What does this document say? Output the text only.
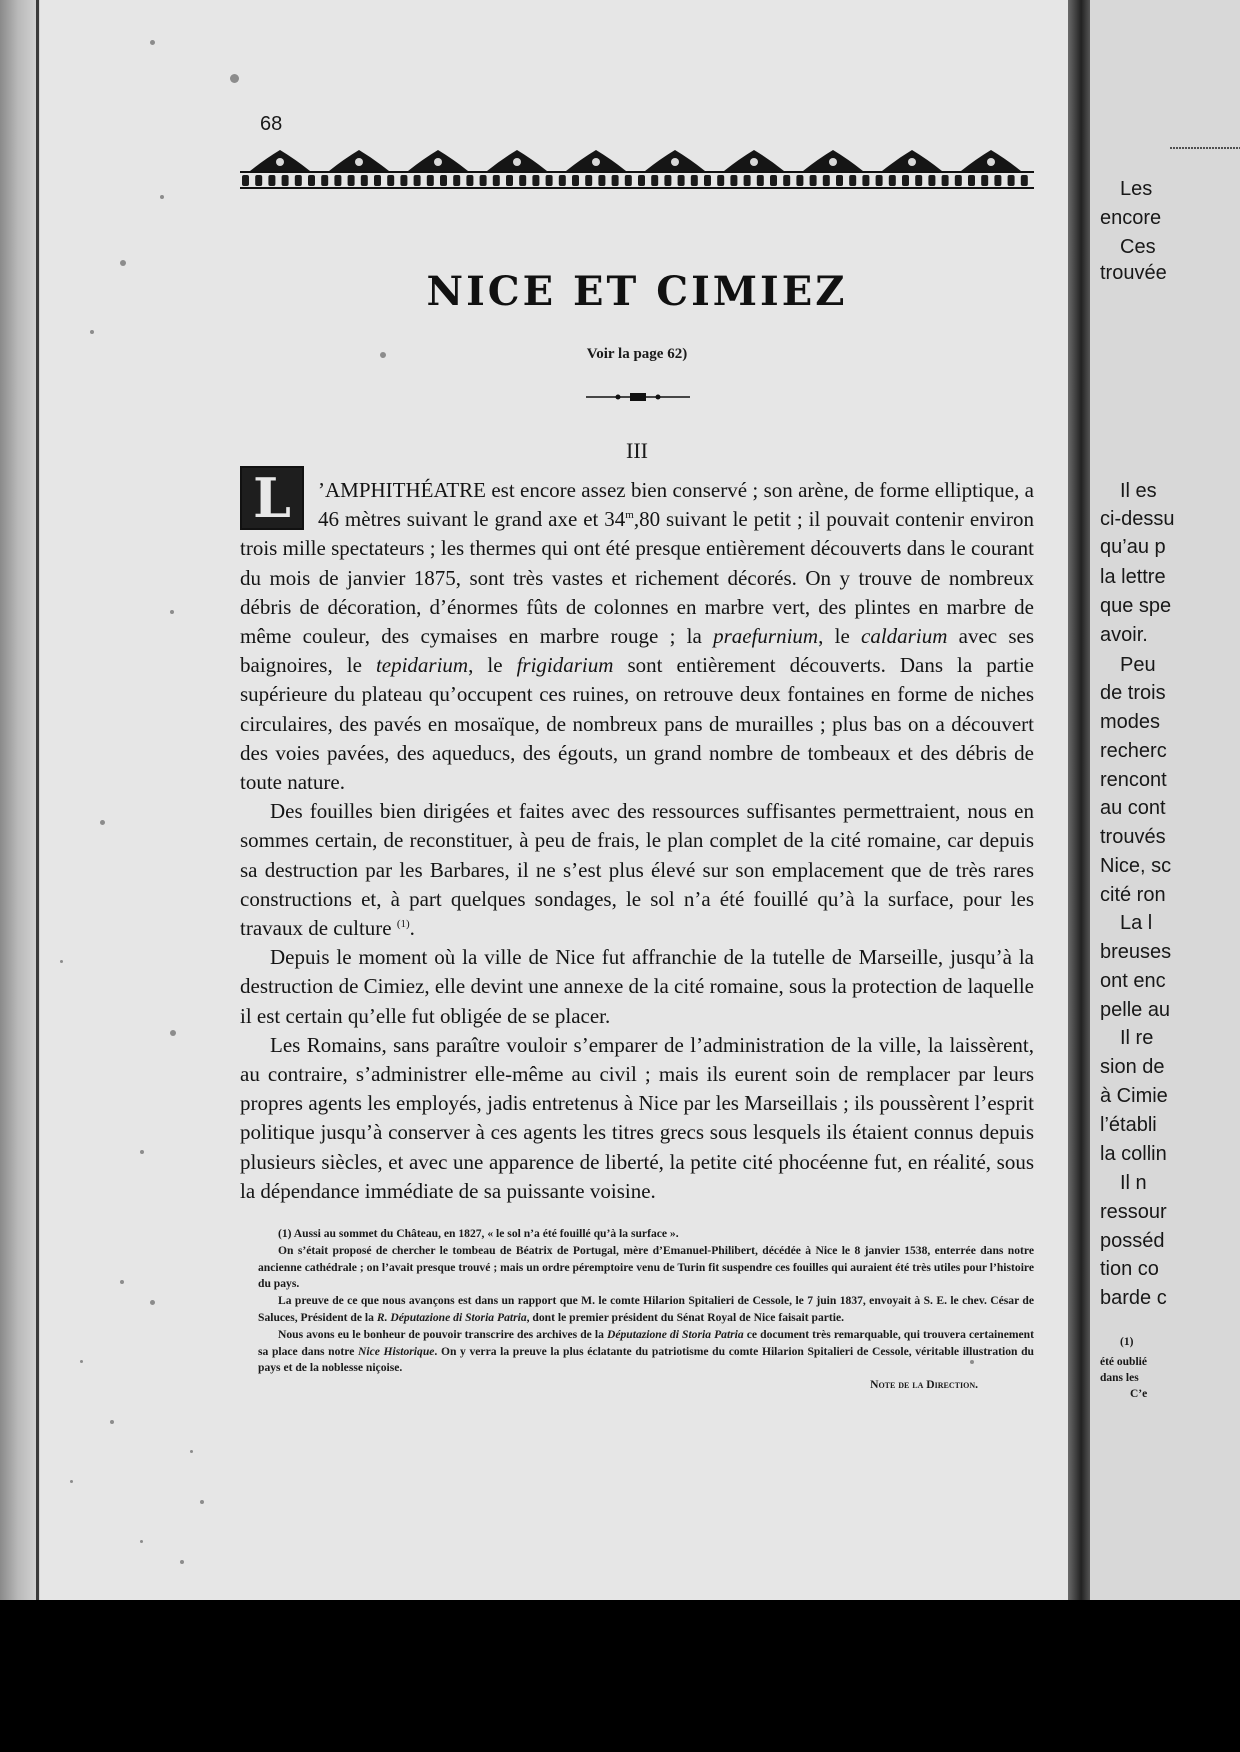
68
NICE ET CIMIEZ
Voir la page 62)
III
L	’AMPHITHÉATRE est encore assez bien conservé ; son arène, de forme elliptique, a 46 mètres suivant le grand axe et 34$^m$,80 suivant le petit ; il pouvait contenir environ trois mille spectateurs ; les thermes qui ont été presque entièrement découverts dans le courant du mois de janvier 1875, sont très vastes et richement décorés. On y trouve de nombreux débris de décoration, d’énormes fûts de colonnes en marbre vert, des plintes en marbre de même couleur, des cymaises en marbre rouge ; la praefurnium, le caldarium avec ses baignoires, le tepidarium, le frigidarium sont entièrement découverts. Dans la partie supérieure du plateau qu’occupent ces ruines, on retrouve deux fontaines en forme de niches circulaires, des pavés en mosaïque, de nombreux pans de murailles ; plus bas on a découvert des voies pavées, des aqueducs, des égouts, un grand nombre de tombeaux et des débris de toute nature.

Des fouilles bien dirigées et faites avec des ressources suffisantes permettraient, nous en sommes certain, de reconstituer, à peu de frais, le plan complet de la cité romaine, car depuis sa destruction par les Barbares, il ne s’est plus élevé sur son emplacement que de très rares constructions et, à part quelques sondages, le sol n’a été fouillé qu’à la surface, pour les travaux de culture $^{(1)}$.

Depuis le moment où la ville de Nice fut affranchie de la tutelle de Marseille, jusqu’à la destruction de Cimiez, elle devint une annexe de la cité romaine, sous la protection de laquelle il est certain qu’elle fut obligée de se placer.

Les Romains, sans paraître vouloir s’emparer de l’administration de la ville, la laissèrent, au contraire, s’administrer elle-même au civil ; mais ils eurent soin de remplacer par leurs propres agents les employés, jadis entretenus à Nice par les Marseillais ; ils poussèrent l’esprit politique jusqu’à conserver à ces agents les titres grecs sous lesquels ils étaient connus depuis plusieurs siècles, et avec une apparence de liberté, la petite cité phocéenne fut, en réalité, sous la dépendance immédiate de sa puissante voisine.

(1) Aussi au sommet du Château, en 1827, « le sol n’a été fouillé qu’à la surface ».

On s’était proposé de chercher le tombeau de Béatrix de Portugal, mère d’Emanuel-Philibert, décédée à Nice le 8 janvier 1538, enterrée dans notre ancienne cathédrale ; on l’avait presque trouvé ; mais un ordre péremptoire venu de Turin fit suspendre ces fouilles qui auraient été très utiles pour l’histoire du pays.

La preuve de ce que nous avançons est dans un rapport que M. le comte Hilarion Spitalieri de Cessole, le 7 juin 1837, envoyait à S. E. le chev. César de Saluces, Président de la R. Députazione di Storia Patria, dont le premier président du Sénat Royal de Nice faisait partie.

Nous avons eu le bonheur de pouvoir transcrire des archives de la Députazione di Storia Patria ce document très remarquable, qui trouvera certainement sa place dans notre Nice Historique. On y verra la preuve la plus éclatante du patriotisme du comte Hilarion Spitalieri de Cessole, véritable illustration du pays et de la noblesse niçoise.

Note de la Direction.

Les
encore
Ces
trouvée
Il es
ci-dessu
qu’au p
la lettre
que spe
avoir.
Peu
de trois
modes
recherc
rencont
au cont
trouvés
Nice, sc
cité ron
La l
breuses
ont enc
pelle au
Il re
sion de
à Cimie
l’établi
la collin
Il n
ressour
posséd
tion co
barde c
(1)
été oublié
dans les
C’e
